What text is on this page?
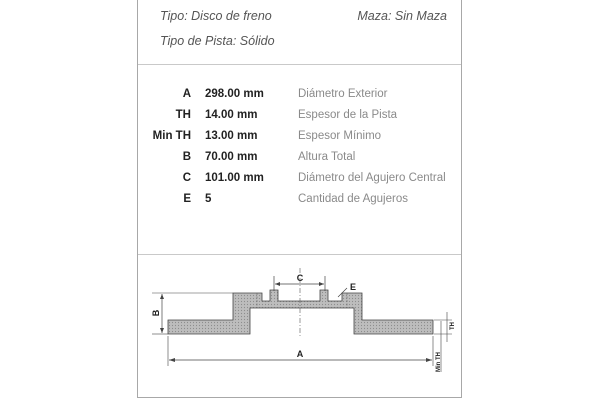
Tipo: Disco de freno
Tipo de Pista: Sólido
Maza: Sin Maza
A 298.00 mm	Diámetro Exterior
TH 14.00 mm	Espesor de la Pista
Min TH 13.00 mm	Espesor Mínimo
B 70.00 mm	Altura Total
C 101.00 mm	Diámetro del Agujero Central
E 5	Cantidad de Agujeros
C
E
B
A
TH
Min TH
